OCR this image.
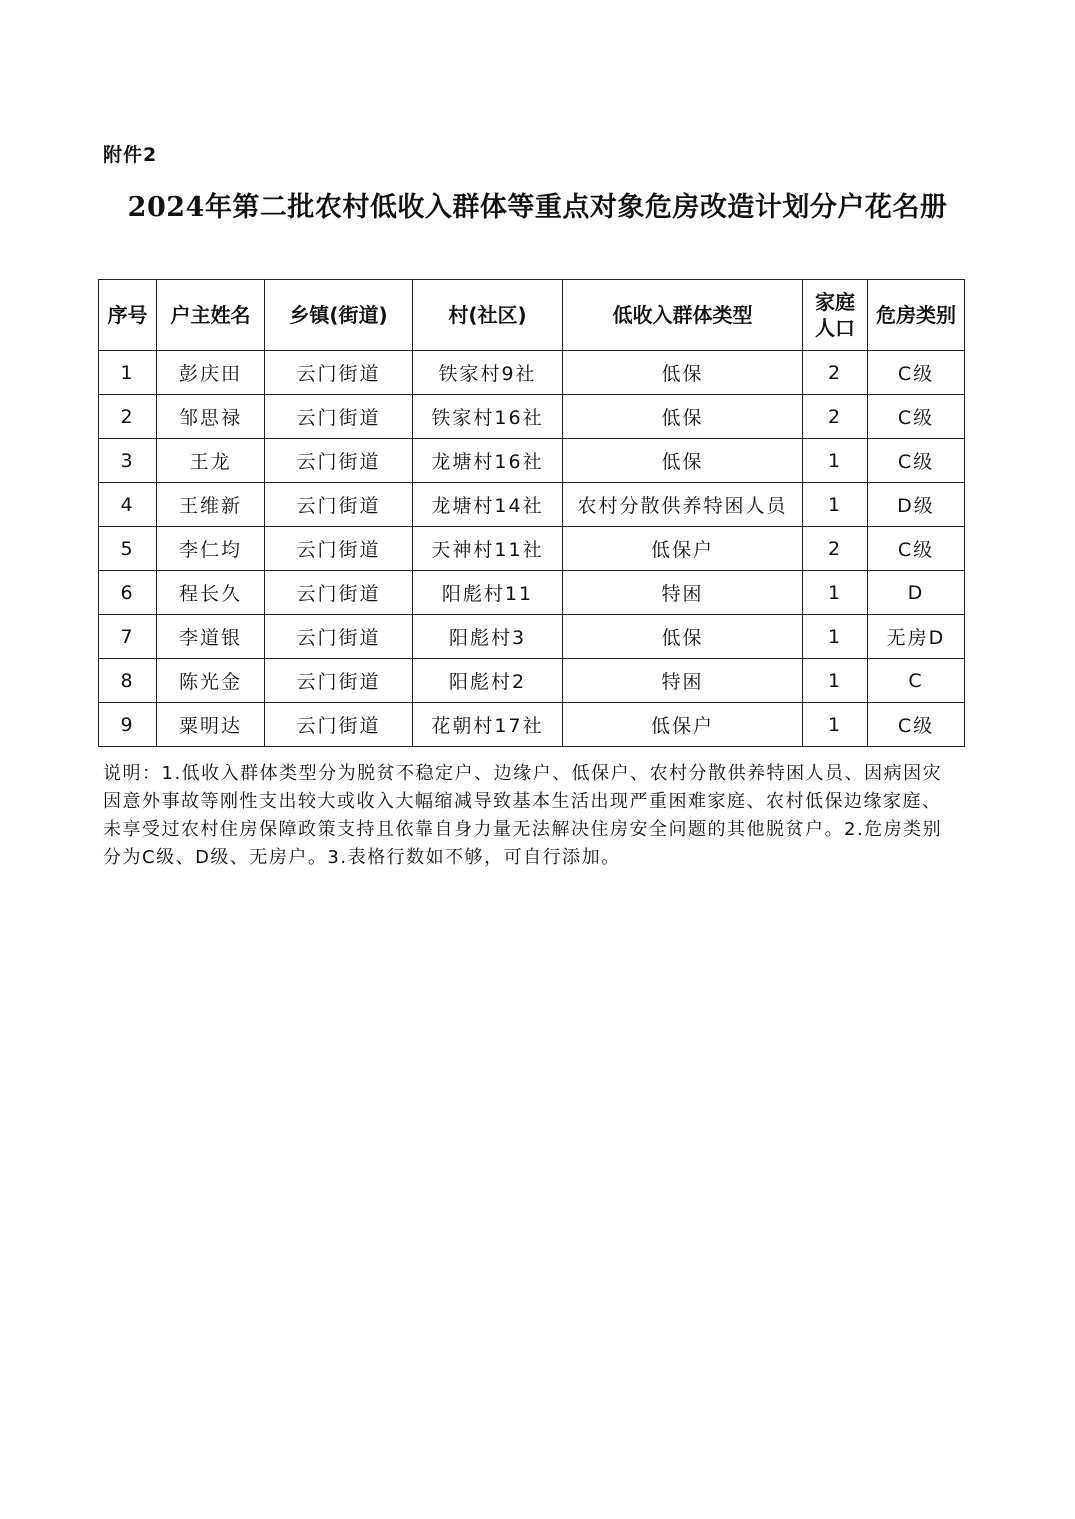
附件2
2024年第二批农村低收入群体等重点对象危房改造计划分户花名册
序号	户主姓名	乡镇(街道)	村(社区)	低收入群体类型	家庭人口	危房类别
1	彭庆田	云门街道	铁家村9社	低保	2	C级
2	邹思禄	云门街道	铁家村16社	低保	2	C级
3	王龙	云门街道	龙塘村16社	低保	1	C级
4	王维新	云门街道	龙塘村14社	农村分散供养特困人员	1	D级
5	李仁均	云门街道	天神村11社	低保户	2	C级
6	程长久	云门街道	阳彪村11	特困	1	D
7	李道银	云门街道	阳彪村3	低保	1	无房D
8	陈光金	云门街道	阳彪村2	特困	1	C
9	粟明达	云门街道	花朝村17社	低保户	1	C级
说明：1.低收入群体类型分为脱贫不稳定户、边缘户、低保户、农村分散供养特困人员、因病因灾因意外事故等刚性支出较大或收入大幅缩减导致基本生活出现严重困难家庭、农村低保边缘家庭、未享受过农村住房保障政策支持且依靠自身力量无法解决住房安全问题的其他脱贫户。2.危房类别分为C级、D级、无房户。3.表格行数如不够，可自行添加。
